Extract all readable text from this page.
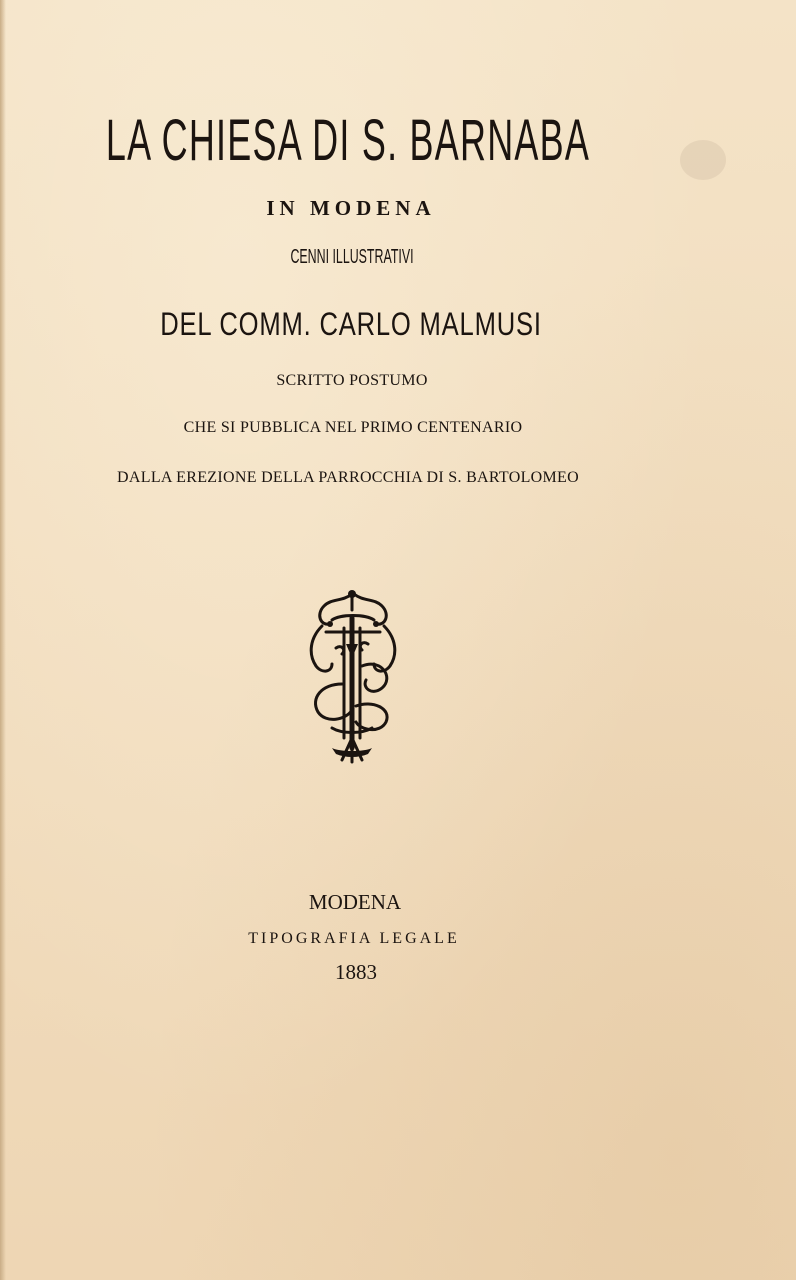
LA CHIESA DI S. BARNABA
IN MODENA
CENNI ILLUSTRATIVI
DEL COMM. CARLO MALMUSI
SCRITTO POSTUMO
CHE SI PUBBLICA NEL PRIMO CENTENARIO
DALLA EREZIONE DELLA PARROCCHIA DI S. BARTOLOMEO
MODENA
TIPOGRAFIA LEGALE
1883
